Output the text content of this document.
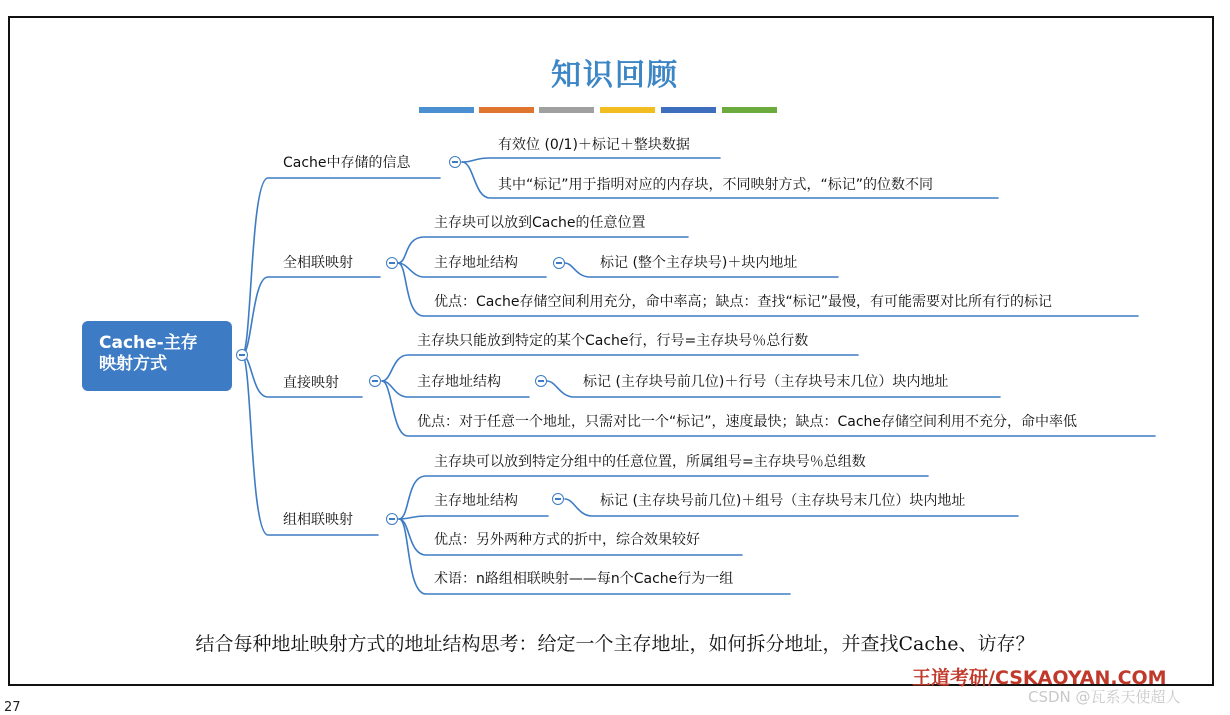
知识回顾
Cache-主存
映射方式
Cache中存储的信息
有效位 (0/1)＋标记＋整块数据
其中“标记”用于指明对应的内存块，不同映射方式，“标记”的位数不同
全相联映射
主存块可以放到Cache的任意位置
主存地址结构	标记 (整个主存块号)＋块内地址
优点：Cache存储空间利用充分，命中率高；缺点：查找“标记”最慢，有可能需要对比所有行的标记
直接映射
主存块只能放到特定的某个Cache行，行号=主存块号％总行数
主存地址结构	标记 (主存块号前几位)＋行号（主存块号末几位）块内地址
优点：对于任意一个地址，只需对比一个“标记”，速度最快；缺点：Cache存储空间利用不充分，命中率低
组相联映射
主存块可以放到特定分组中的任意位置，所属组号=主存块号％总组数
主存地址结构	标记 (主存块号前几位)＋组号（主存块号末几位）块内地址
优点：另外两种方式的折中，综合效果较好
术语：n路组相联映射——每n个Cache行为一组
结合每种地址映射方式的地址结构思考：给定一个主存地址，如何拆分地址，并查找Cache、访存？
王道考研/CSKAOYAN.COM
CSDN @瓦系天使超人
27
